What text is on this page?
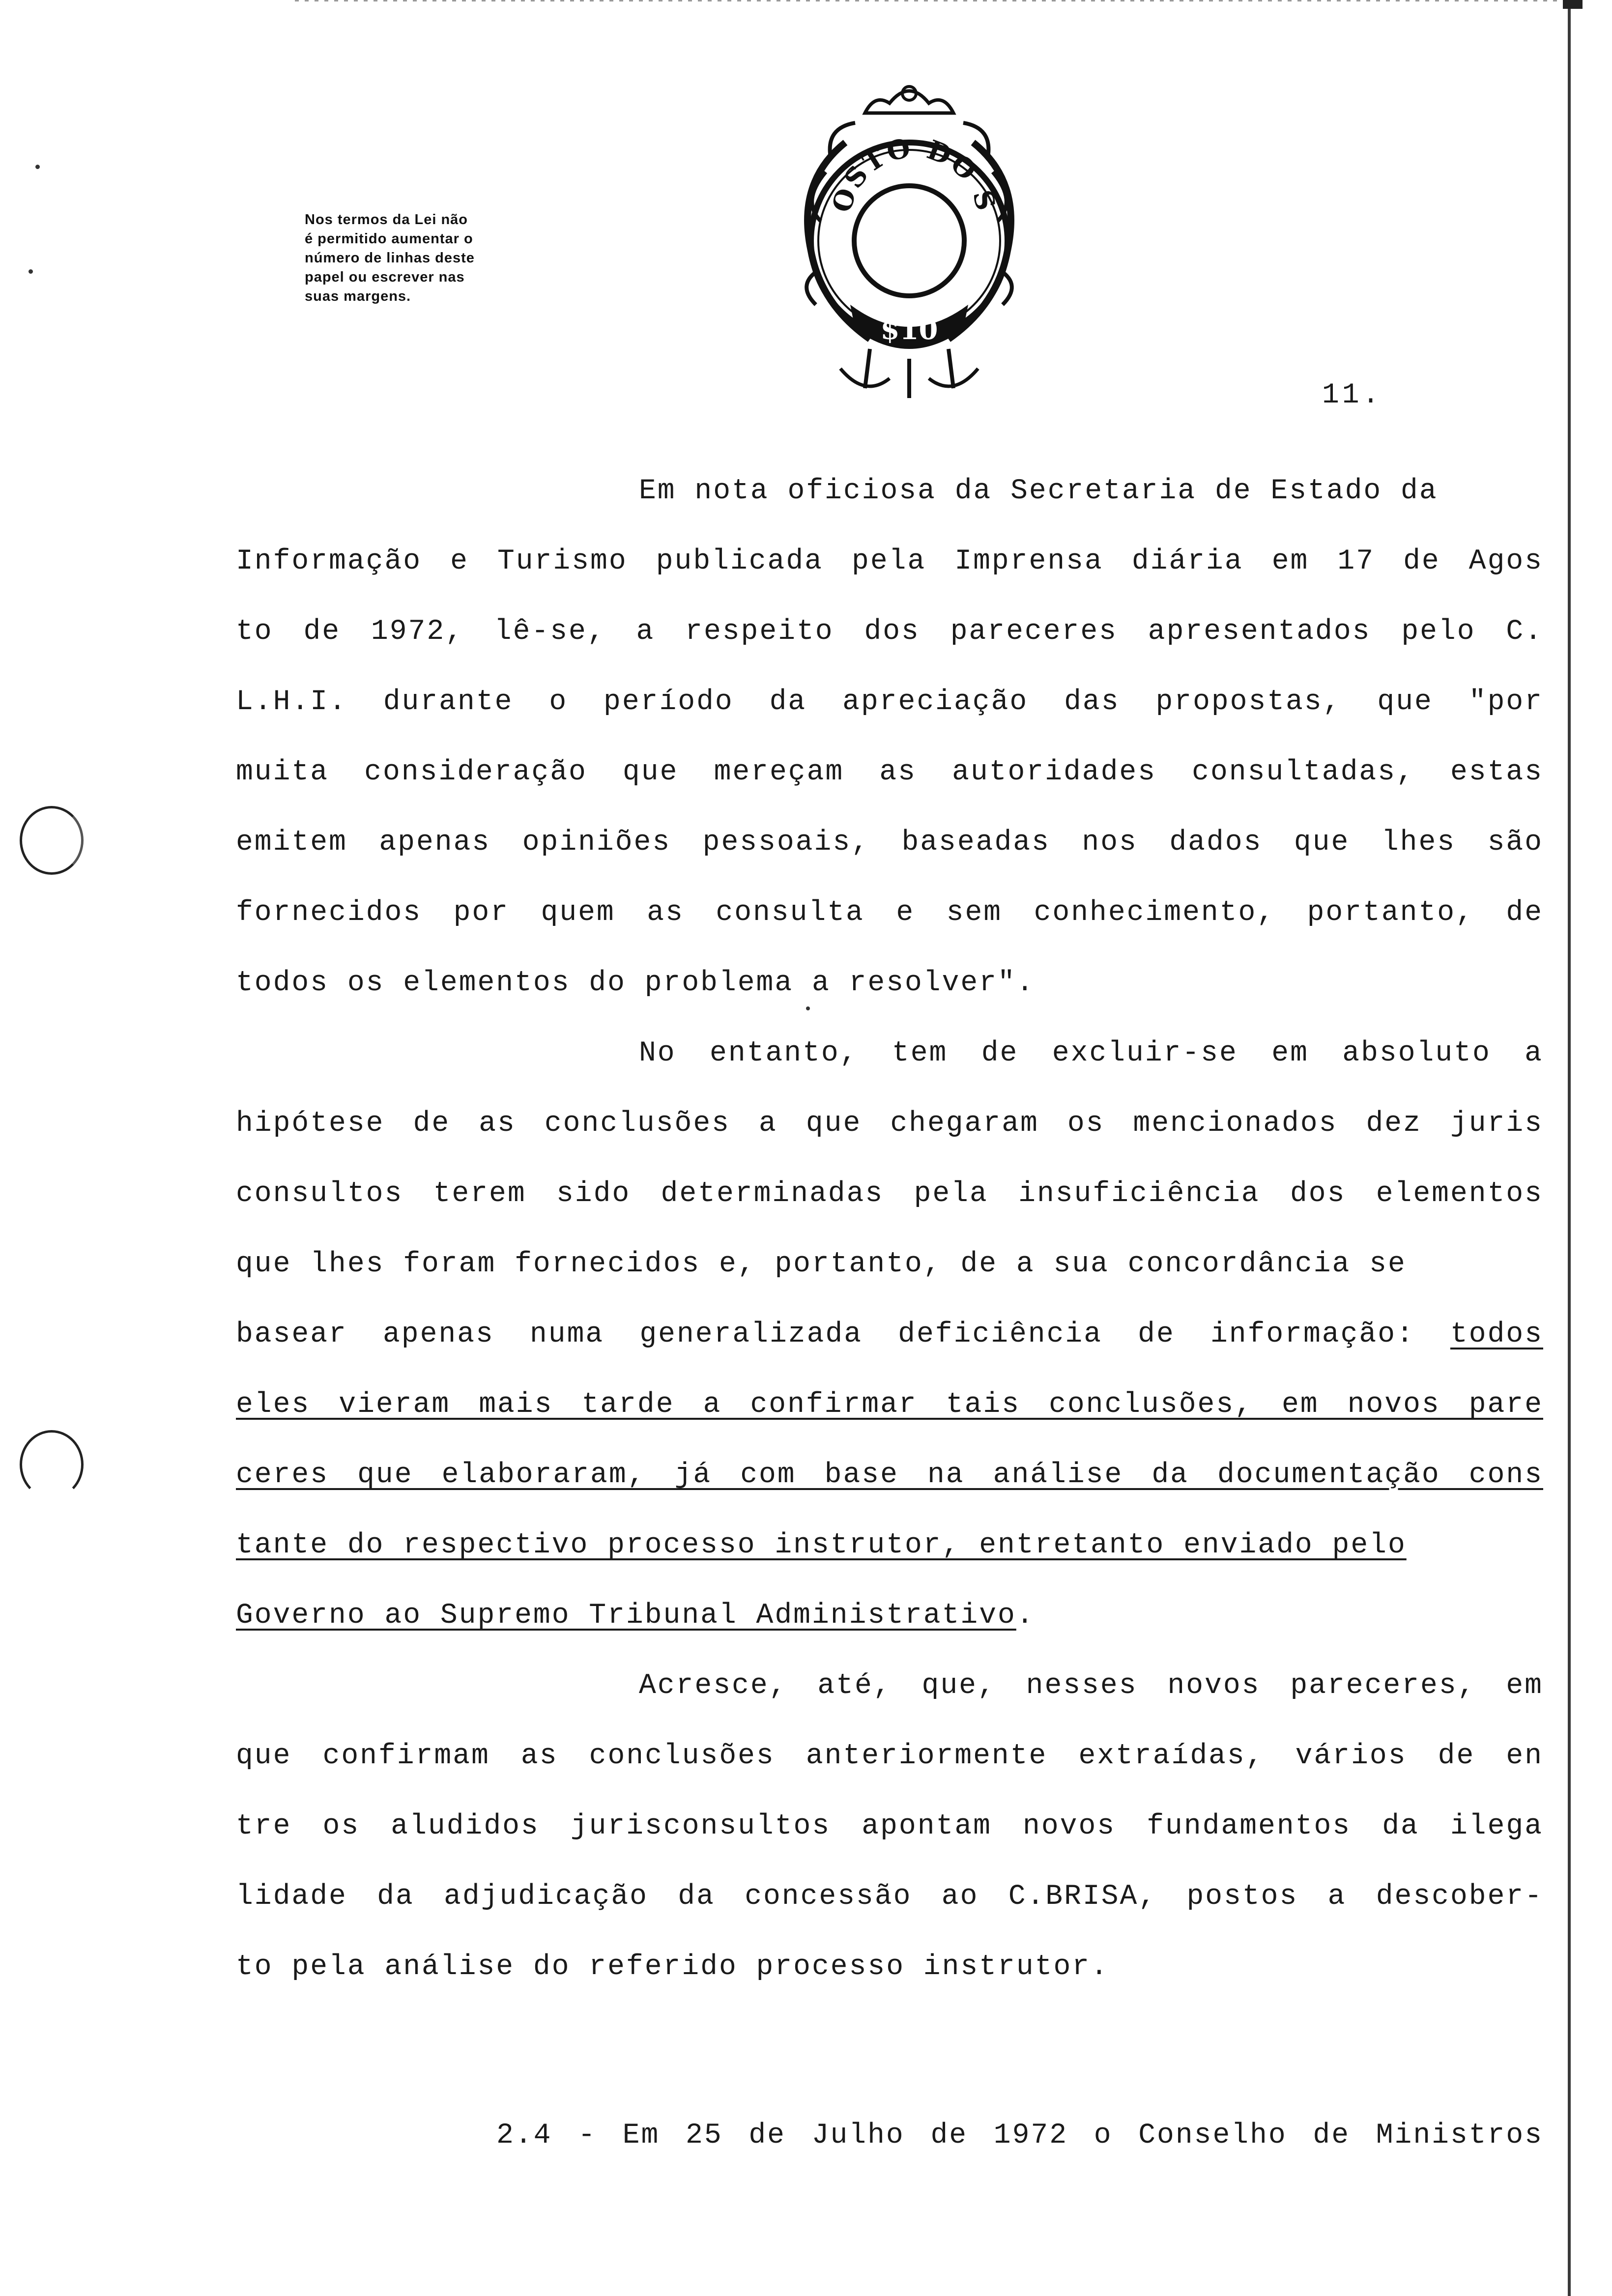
Nos termos da Lei não
é permitido aumentar o
número de linhas deste
papel ou escrever nas
suas margens.
OSTO DO S
$10
11.
Em nota oficiosa da Secretaria de Estado da
Informação e Turismo publicada pela Imprensa diária em 17 de Agos
to de 1972, lê-se, a respeito dos pareceres apresentados pelo C.
L.H.I. durante o período da apreciação das propostas, que "por
muita consideração que mereçam as autoridades consultadas, estas
emitem apenas opiniões pessoais, baseadas nos dados que lhes são
fornecidos por quem as consulta e sem conhecimento, portanto, de
todos os elementos do problema a resolver".
No entanto, tem de excluir-se em absoluto a
hipótese de as conclusões a que chegaram os mencionados dez juris
consultos terem sido determinadas pela insuficiência dos elementos
que lhes foram fornecidos e, portanto, de a sua concordância se
basear apenas numa generalizada deficiência de informação: todos
eles vieram mais tarde a confirmar tais conclusões, em novos pare
ceres que elaboraram, já com base na análise da documentação cons
tante do respectivo processo instrutor, entretanto enviado pelo
Governo ao Supremo Tribunal Administrativo.
Acresce, até, que, nesses novos pareceres, em
que confirmam as conclusões anteriormente extraídas, vários de en
tre os aludidos jurisconsultos apontam novos fundamentos da ilega
lidade da adjudicação da concessão ao C.BRISA, postos a descober-
to pela análise do referido processo instrutor.
2.4 - Em 25 de Julho de 1972 o Conselho de Ministros
